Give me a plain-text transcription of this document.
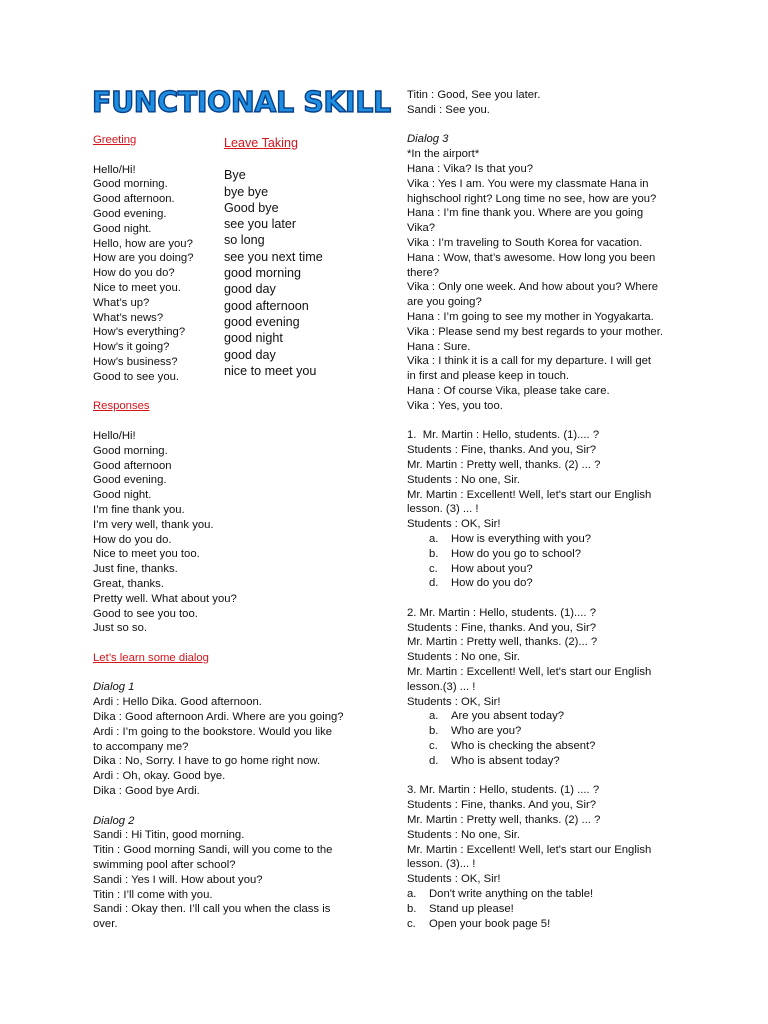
FUNCTIONAL SKILL
Greeting
Hello/Hi!
Good morning.
Good afternoon.
Good evening.
Good night.
Hello, how are you?
How are you doing?
How do you do?
Nice to meet you.
What’s up?
What’s news?
How’s everything?
How’s it going?
How’s business?
Good to see you.
Responses
Hello/Hi!
Good morning.
Good afternoon
Good evening.
Good night.
I’m fine thank you.
I’m very well, thank you.
How do you do.
Nice to meet you too.
Just fine, thanks.
Great, thanks.
Pretty well. What about you?
Good to see you too.
Just so so.
Let’s learn some dialog
Dialog 1
Ardi : Hello Dika. Good afternoon.
Dika : Good afternoon Ardi. Where are you going?
Ardi : I’m going to the bookstore. Would you like
to accompany me?
Dika : No, Sorry. I have to go home right now.
Ardi : Oh, okay. Good bye.
Dika : Good bye Ardi.
Dialog 2
Sandi : Hi Titin, good morning.
Titin : Good morning Sandi, will you come to the
swimming pool after school?
Sandi : Yes I will. How about you?
Titin : I’ll come with you.
Sandi : Okay then. I’ll call you when the class is
over.
Leave Taking
Bye
bye bye
Good bye
see you later
so long
see you next time
good morning
good day
good afternoon
good evening
good night
good day
nice to meet you
Titin : Good, See you later.
Sandi : See you.
Dialog 3
*In the airport*
Hana : Vika? Is that you?
Vika : Yes I am. You were my classmate Hana in
highschool right? Long time no see, how are you?
Hana : I’m fine thank you. Where are you going
Vika?
Vika : I’m traveling to South Korea for vacation.
Hana : Wow, that’s awesome. How long you been
there?
Vika : Only one week. And how about you? Where
are you going?
Hana : I’m going to see my mother in Yogyakarta.
Vika : Please send my best regards to your mother.
Hana : Sure.
Vika : I think it is a call for my departure. I will get
in first and please keep in touch.
Hana : Of course Vika, please take care.
Vika : Yes, you too.
1. Mr. Martin : Hello, students. (1).... ?
Students : Fine, thanks. And you, Sir?
Mr. Martin : Pretty well, thanks. (2) ... ?
Students : No one, Sir.
Mr. Martin : Excellent! Well, let's start our English
lesson. (3) ... !
Students : OK, Sir!
a.	How is everything with you?
b.	How do you go to school?
c.	How about you?
d.	How do you do?
2. Mr. Martin : Hello, students. (1).... ?
Students : Fine, thanks. And you, Sir?
Mr. Martin : Pretty well, thanks. (2)... ?
Students : No one, Sir.
Mr. Martin : Excellent! Well, let's start our English
lesson.(3) ... !
Students : OK, Sir!
a.	Are you absent today?
b.	Who are you?
c.	Who is checking the absent?
d.	Who is absent today?
3. Mr. Martin : Hello, students. (1) .... ?
Students : Fine, thanks. And you, Sir?
Mr. Martin : Pretty well, thanks. (2) ... ?
Students : No one, Sir.
Mr. Martin : Excellent! Well, let's start our English
lesson. (3)... !
Students : OK, Sir!
a.	Don't write anything on the table!
b.	Stand up please!
c.	Open your book page 5!
